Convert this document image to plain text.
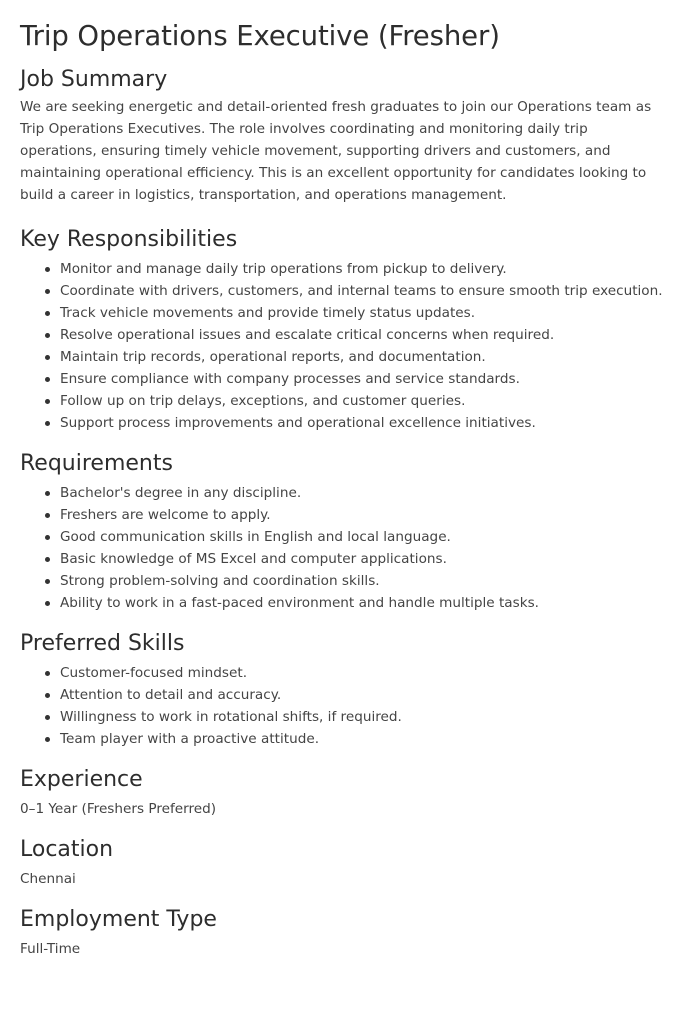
Trip Operations Executive (Fresher)
Job Summary

We are seeking energetic and detail-oriented fresh graduates to join our Operations team as Trip Operations Executives. The role involves coordinating and monitoring daily trip operations, ensuring timely vehicle movement, supporting drivers and customers, and maintaining operational efficiency. This is an excellent opportunity for candidates looking to build a career in logistics, transportation, and operations management.

Key Responsibilities
Monitor and manage daily trip operations from pickup to delivery.
Coordinate with drivers, customers, and internal teams to ensure smooth trip execution.
Track vehicle movements and provide timely status updates.
Resolve operational issues and escalate critical concerns when required.
Maintain trip records, operational reports, and documentation.
Ensure compliance with company processes and service standards.
Follow up on trip delays, exceptions, and customer queries.
Support process improvements and operational excellence initiatives.
Requirements
Bachelor's degree in any discipline.
Freshers are welcome to apply.
Good communication skills in English and local language.
Basic knowledge of MS Excel and computer applications.
Strong problem-solving and coordination skills.
Ability to work in a fast-paced environment and handle multiple tasks.
Preferred Skills
Customer-focused mindset.
Attention to detail and accuracy.
Willingness to work in rotational shifts, if required.
Team player with a proactive attitude.
Experience
0–1 Year (Freshers Preferred)
Location
Chennai
Employment Type
Full-Time
